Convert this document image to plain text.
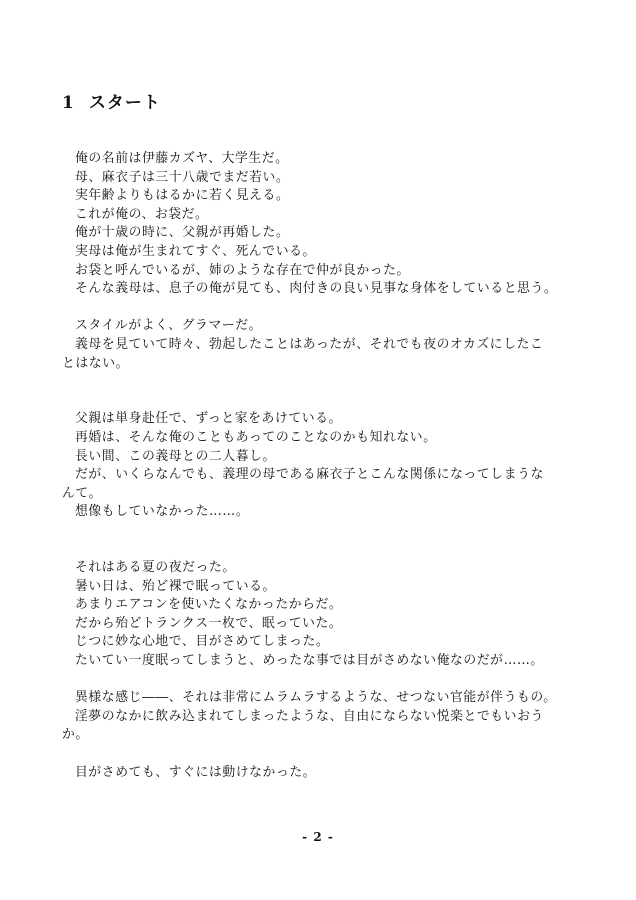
1 スタート
俺の名前は伊藤カズヤ、大学生だ。
母、麻衣子は三十八歳でまだ若い。
実年齢よりもはるかに若く見える。
これが俺の、お袋だ。
俺が十歳の時に、父親が再婚した。
実母は俺が生まれてすぐ、死んでいる。
お袋と呼んでいるが、姉のような存在で仲が良かった。
そんな義母は、息子の俺が見ても、肉付きの良い見事な身体をしていると思う。
スタイルがよく、グラマーだ。
義母を見ていて時々、勃起したことはあったが、それでも夜のオカズにしたこ
とはない。
父親は単身赴任で、ずっと家をあけている。
再婚は、そんな俺のこともあってのことなのかも知れない。
長い間、この義母との二人暮し。
だが、いくらなんでも、義理の母である麻衣子とこんな関係になってしまうな
んて。
想像もしていなかった……。
それはある夏の夜だった。
暑い日は、殆ど裸で眠っている。
あまりエアコンを使いたくなかったからだ。
だから殆どトランクス一枚で、眠っていた。
じつに妙な心地で、目がさめてしまった。
たいてい一度眠ってしまうと、めったな事では目がさめない俺なのだが……。
異様な感じ――、それは非常にムラムラするような、せつない官能が伴うもの。
淫夢のなかに飲み込まれてしまったような、自由にならない悦楽とでもいおう
か。
目がさめても、すぐには動けなかった。
- 2 -
